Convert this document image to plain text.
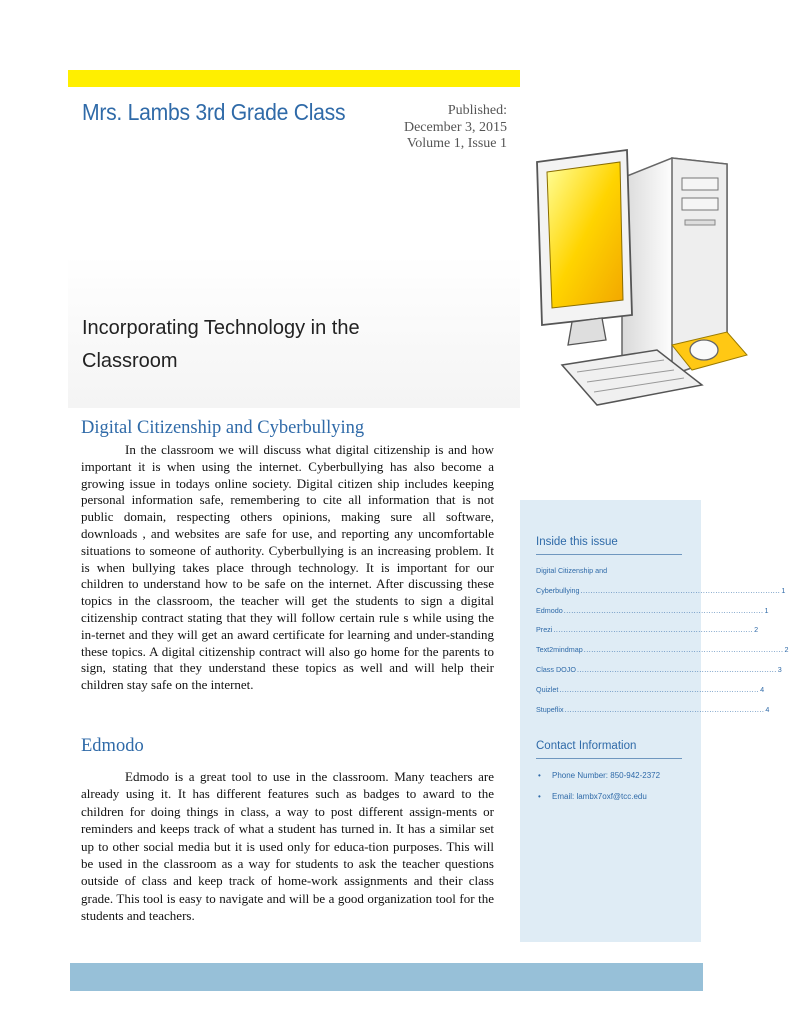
Mrs. Lambs 3rd Grade Class	Published:
December 3, 2015
Volume 1, Issue 1
Incorporating Technology in the
Classroom
Digital Citizenship and Cyberbullying

In the classroom we will discuss what digital citizenship is and how important it is when using the internet. Cyberbullying has also become a growing issue in todays online society. Digital citizen ship includes keeping personal information safe, remembering to cite all information that is not public domain, respecting others opinions, making sure all software, downloads , and websites are safe for use, and reporting any uncomfortable situations to someone of authority. Cyberbullying is an increasing problem. It is when bullying takes place through technology. It is important for our children to understand how to be safe on the internet. After discussing these topics in the classroom, the teacher will get the students to sign a digital citizenship contract stating that they will follow certain rule s while using the in-ternet and they will get an award certificate for learning and under-standing these topics. A digital citizenship contract will also go home for the parents to sign, stating that they understand these topics as well and will help their children stay safe on the internet.

Edmodo

Edmodo is a great tool to use in the classroom. Many teachers are already using it. It has different features such as badges to award to the children for doing things in class, a way to post different assign-ments or reminders and keeps track of what a student has turned in. It has a similar set up to other social media but it is used only for educa-tion purposes. This will be used in the classroom as a way for students to ask the teacher questions outside of class and keep track of home-work assignments and their class grade. This tool is easy to navigate and will be a good organization tool for the students and teachers.

Inside this issue
Digital Citizenship and
Cyberbullying ................................................................................ 1
Edmodo ................................................................................ 1
Prezi ................................................................................ 2
Text2mindmap ................................................................................ 2
Class DOJO ................................................................................ 3
Quizlet ................................................................................ 4
Stupeflix ................................................................................ 4
Contact Information
• Phone Number: 850-942-2372
• Email: lambx7oxf@tcc.edu
